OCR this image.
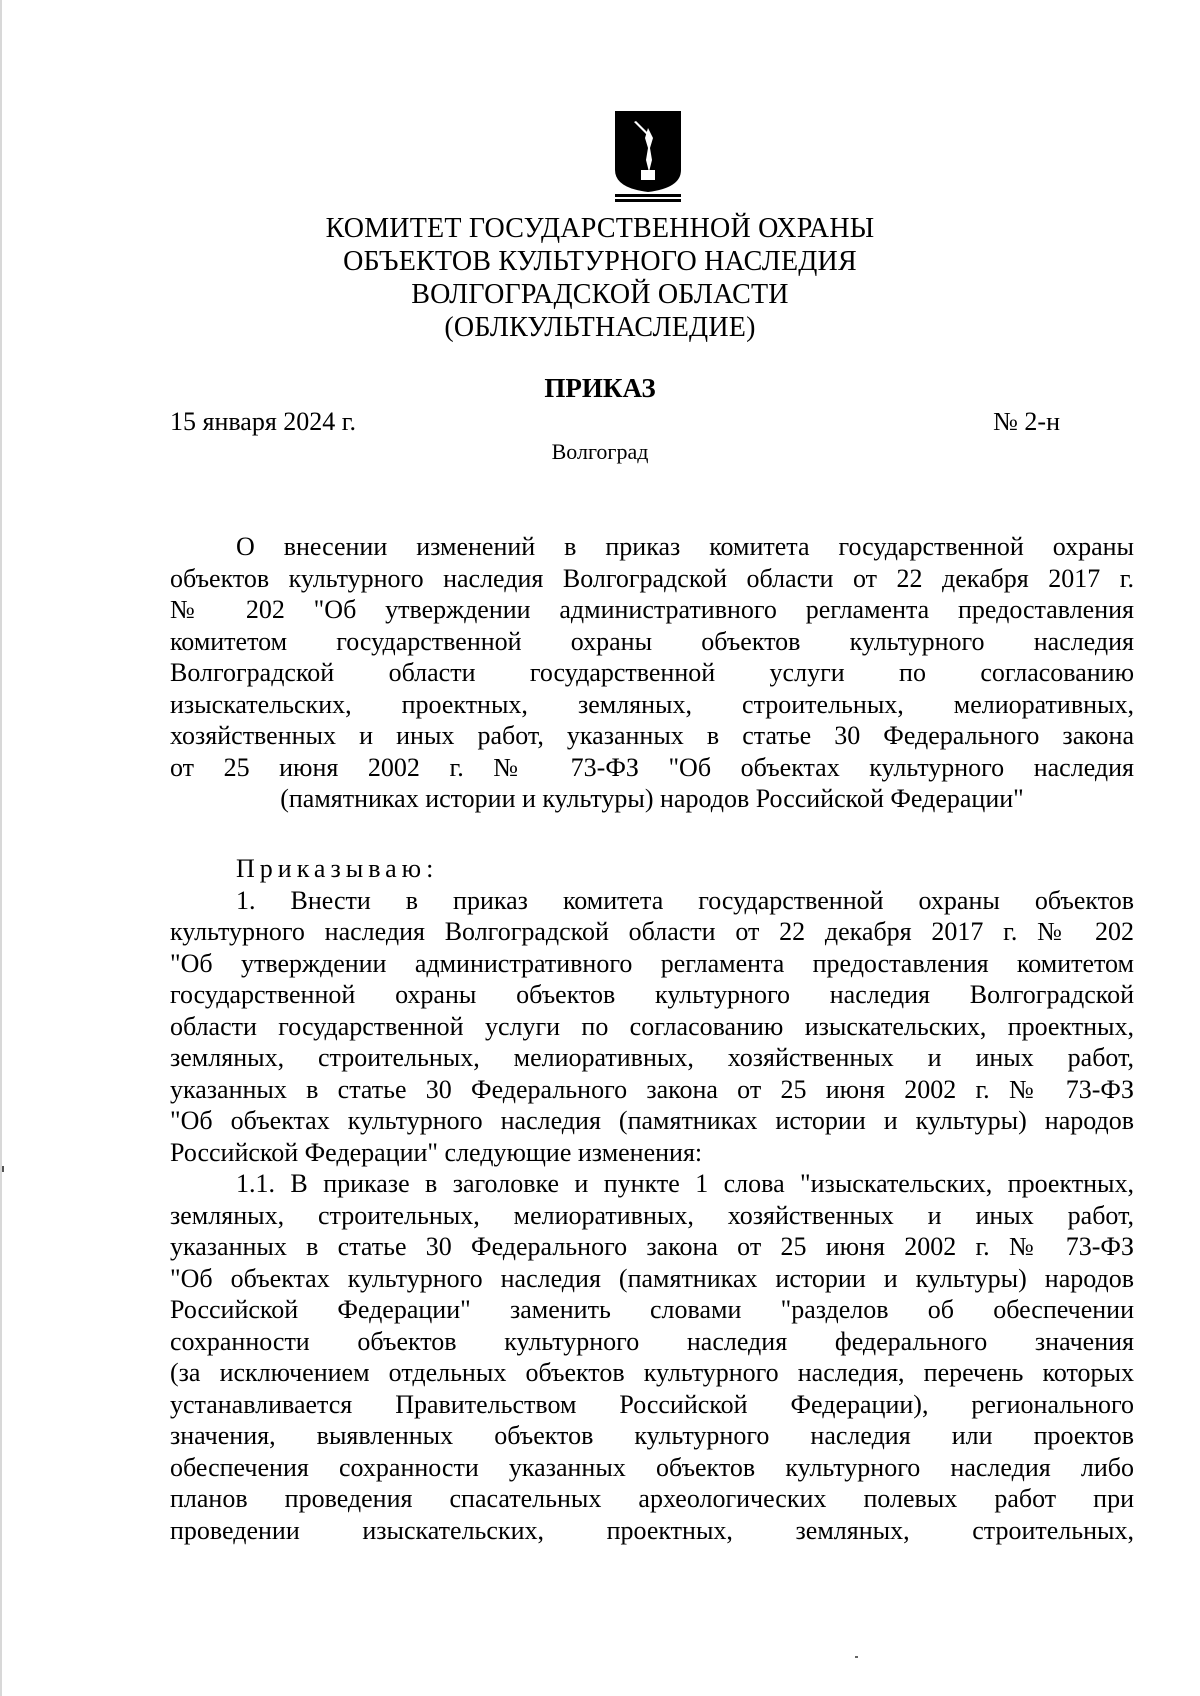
КОМИТЕТ ГОСУДАРСТВЕННОЙ ОХРАНЫ
ОБЪЕКТОВ КУЛЬТУРНОГО НАСЛЕДИЯ
ВОЛГОГРАДСКОЙ ОБЛАСТИ
(ОБЛКУЛЬТНАСЛЕДИЕ)
ПРИКАЗ
15 января 2024 г.	№ 2-н
Волгоград
О внесении изменений в приказ комитета государственной охраны
объектов культурного наследия Волгоградской области от 22 декабря 2017 г.
№ 202 "Об утверждении административного регламента предоставления
комитетом государственной охраны объектов культурного наследия
Волгоградской области государственной услуги по согласованию
изыскательских, проектных, земляных, строительных, мелиоративных,
хозяйственных и иных работ, указанных в статье 30 Федерального закона
от 25 июня 2002 г. № 73-ФЗ "Об объектах культурного наследия
(памятниках истории и культуры) народов Российской Федерации"
Приказываю:
1. Внести в приказ комитета государственной охраны объектов
культурного наследия Волгоградской области от 22 декабря 2017 г. № 202
"Об утверждении административного регламента предоставления комитетом
государственной охраны объектов культурного наследия Волгоградской
области государственной услуги по согласованию изыскательских, проектных,
земляных, строительных, мелиоративных, хозяйственных и иных работ,
указанных в статье 30 Федерального закона от 25 июня 2002 г. № 73-ФЗ
"Об объектах культурного наследия (памятниках истории и культуры) народов
Российской Федерации" следующие изменения:
1.1. В приказе в заголовке и пункте 1 слова "изыскательских, проектных,
земляных, строительных, мелиоративных, хозяйственных и иных работ,
указанных в статье 30 Федерального закона от 25 июня 2002 г. № 73-ФЗ
"Об объектах культурного наследия (памятниках истории и культуры) народов
Российской Федерации" заменить словами "разделов об обеспечении
сохранности объектов культурного наследия федерального значения
(за исключением отдельных объектов культурного наследия, перечень которых
устанавливается Правительством Российской Федерации), регионального
значения, выявленных объектов культурного наследия или проектов
обеспечения сохранности указанных объектов культурного наследия либо
планов проведения спасательных археологических полевых работ при
проведении изыскательских, проектных, земляных, строительных,
